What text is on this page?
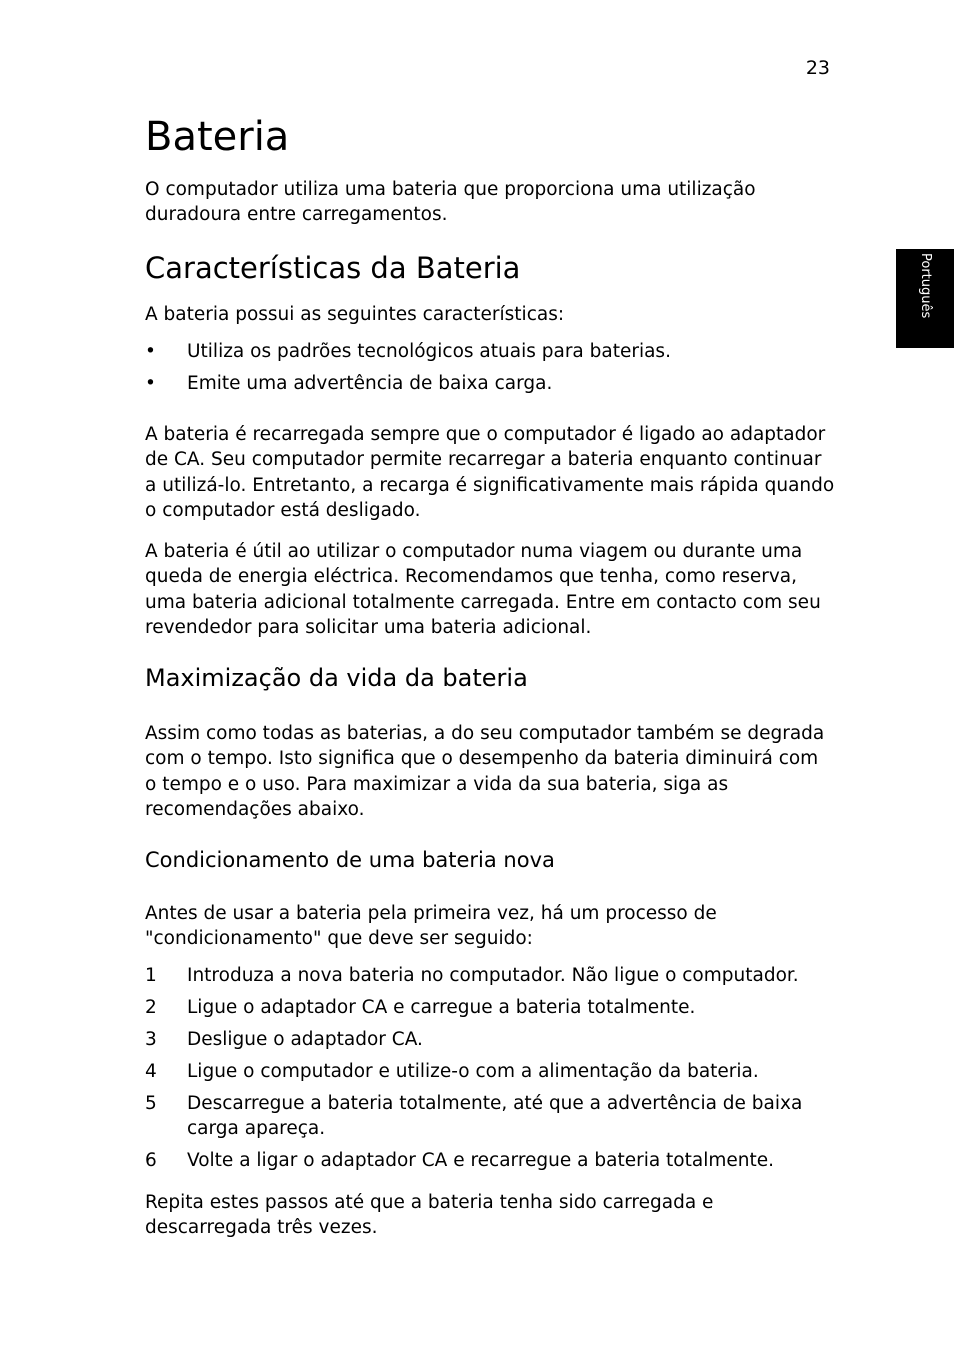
23
Português
Bateria

O computador utiliza uma bateria que proporciona uma utilização duradoura entre carregamentos.

Características da Bateria

A bateria possui as seguintes características:

• Utiliza os padrões tecnológicos atuais para baterias.
• Emite uma advertência de baixa carga.

A bateria é recarregada sempre que o computador é ligado ao adaptador de CA. Seu computador permite recarregar a bateria enquanto continuar a utilizá-lo. Entretanto, a recarga é significativamente mais rápida quando o computador está desligado.

A bateria é útil ao utilizar o computador numa viagem ou durante uma queda de energia eléctrica. Recomendamos que tenha, como reserva, uma bateria adicional totalmente carregada. Entre em contacto com seu revendedor para solicitar uma bateria adicional.

Maximização da vida da bateria

Assim como todas as baterias, a do seu computador também se degrada com o tempo. Isto significa que o desempenho da bateria diminuirá com o tempo e o uso. Para maximizar a vida da sua bateria, siga as recomendações abaixo.

Condicionamento de uma bateria nova

Antes de usar a bateria pela primeira vez, há um processo de "condicionamento" que deve ser seguido:

1 Introduza a nova bateria no computador. Não ligue o computador.
2 Ligue o adaptador CA e carregue a bateria totalmente.
3 Desligue o adaptador CA.
4 Ligue o computador e utilize-o com a alimentação da bateria.
5 Descarregue a bateria totalmente, até que a advertência de baixa carga apareça.
6 Volte a ligar o adaptador CA e recarregue a bateria totalmente.

Repita estes passos até que a bateria tenha sido carregada e descarregada três vezes.
